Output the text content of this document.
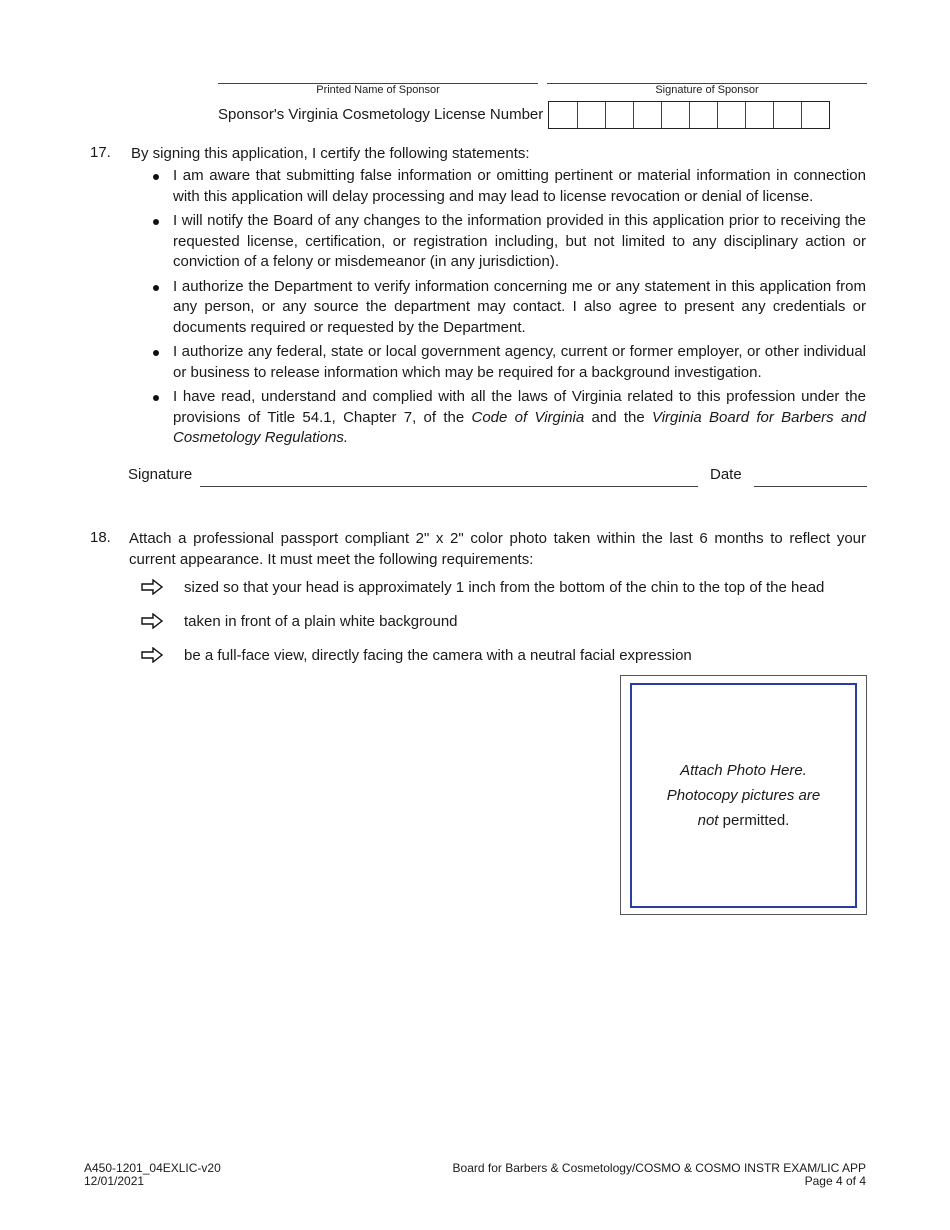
Printed Name of Sponsor	Signature of Sponsor
Sponsor's Virginia Cosmetology License Number
17. By signing this application, I certify the following statements:
I am aware that submitting false information or omitting pertinent or material information in connection with this application will delay processing and may lead to license revocation or denial of license.
I will notify the Board of any changes to the information provided in this application prior to receiving the requested license, certification, or registration including, but not limited to any disciplinary action or conviction of a felony or misdemeanor (in any jurisdiction).
I authorize the Department to verify information concerning me or any statement in this application from any person, or any source the department may contact. I also agree to present any credentials or documents required or requested by the Department.
I authorize any federal, state or local government agency, current or former employer, or other individual or business to release information which may be required for a background investigation.
I have read, understand and complied with all the laws of Virginia related to this profession under the provisions of Title 54.1, Chapter 7, of the Code of Virginia and the Virginia Board for Barbers and Cosmetology Regulations.
Signature	Date
18. Attach a professional passport compliant 2" x 2" color photo taken within the last 6 months to reflect your current appearance. It must meet the following requirements:
sized so that your head is approximately 1 inch from the bottom of the chin to the top of the head
taken in front of a plain white background
be a full-face view, directly facing the camera with a neutral facial expression
Attach Photo Here.
Photocopy pictures are
not permitted.
A450-1201_04EXLIC-v20
12/01/2021
Board for Barbers & Cosmetology/COSMO & COSMO INSTR EXAM/LIC APP
Page 4 of 4
